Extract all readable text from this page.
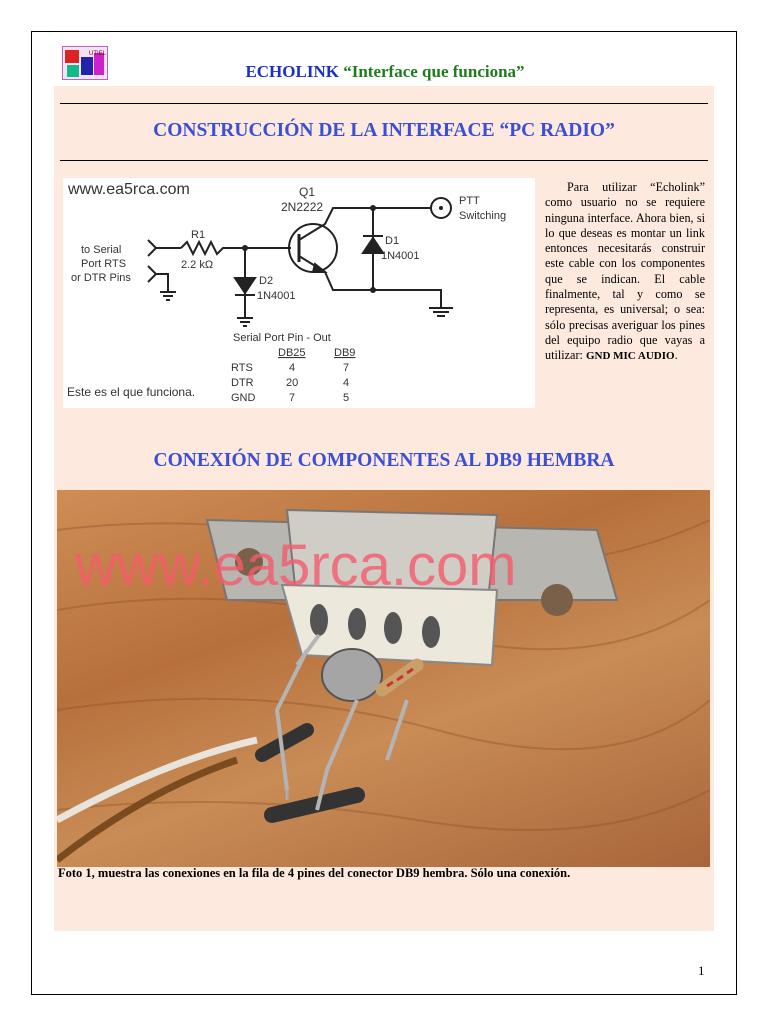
UTIEL
ECHOLINK “Interface que funciona”
CONSTRUCCIÓN DE LA INTERFACE “PC RADIO”
www.ea5rca.com	Q1
2N2222
R1
2.2 kΩ
D1
1N4001
D2
1N4001
to Serial
Port RTS
or DTR Pins
PTT
Switching
Serial Port Pin - Out
DB25	DB9
RTS	4	7
DTR	20	4
GND	7	5
Este es el que funciona.
Para utilizar “Echolink” como usuario no se requiere ninguna interface. Ahora bien, si lo que deseas es montar un link entonces necesitarás construir este cable con los componentes que se indican. El cable finalmente, tal y como se representa, es universal; o sea: sólo precisas averiguar los pines del equipo radio que vayas a utilizar: GND MIC AUDIO.
CONEXIÓN DE COMPONENTES AL DB9 HEMBRA
www.ea5rca.com
Foto 1, muestra las conexiones en la fila de 4 pines del conector DB9 hembra. Sólo una conexión.
1
